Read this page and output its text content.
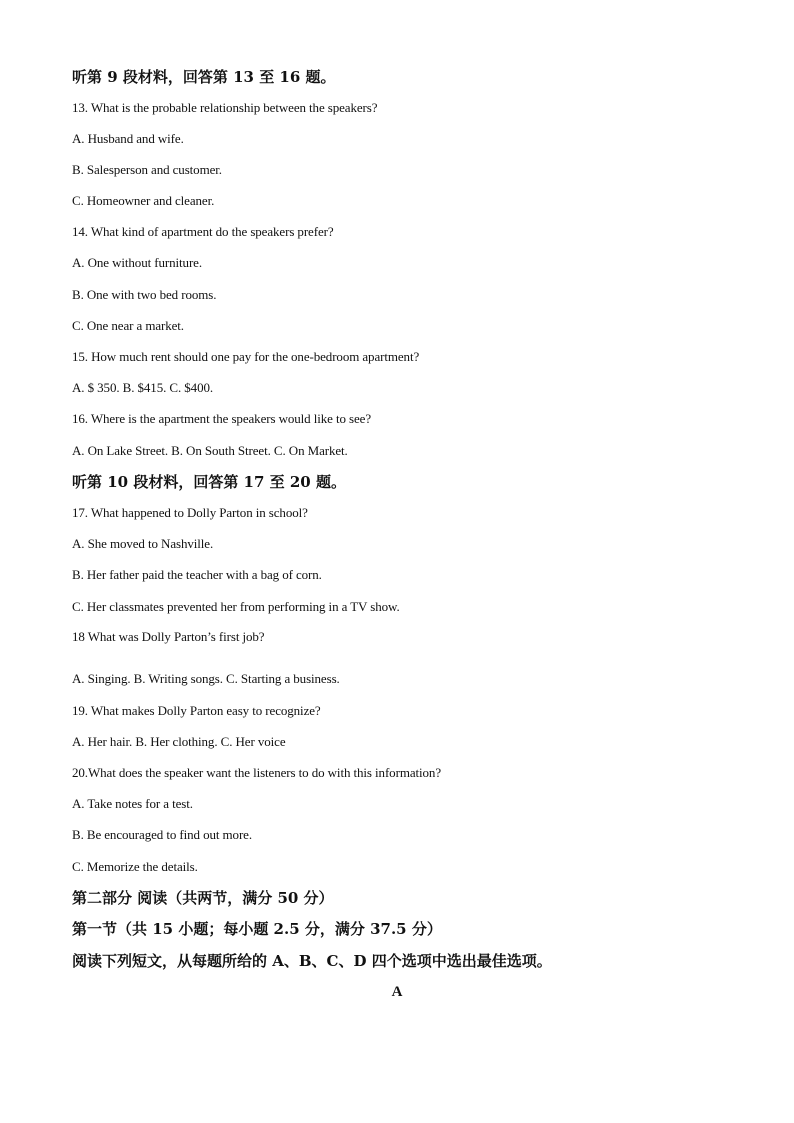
听第 9 段材料，回答第 13 至 16 题。
13. What is the probable relationship between the speakers?
A. Husband and wife.
B. Salesperson and customer.
C. Homeowner and cleaner.
14. What kind of apartment do the speakers prefer?
A. One without furniture.
B. One with two bed rooms.
C. One near a market.
15. How much rent should one pay for the one-bedroom apartment?
A. $ 350. B. $415. C. $400.
16. Where is the apartment the speakers would like to see?
A. On Lake Street. B. On South Street. C. On Market.
听第 10 段材料，回答第 17 至 20 题。
17. What happened to Dolly Parton in school?
A. She moved to Nashville.
B. Her father paid the teacher with a bag of corn.
C. Her classmates prevented her from performing in a TV show.
18 What was Dolly Parton’s first job?
A. Singing. B. Writing songs. C. Starting a business.
19. What makes Dolly Parton easy to recognize?
A. Her hair. B. Her clothing. C. Her voice
20.What does the speaker want the listeners to do with this information?
A. Take notes for a test.
B. Be encouraged to find out more.
C. Memorize the details.
第二部分 阅读（共两节，满分 50 分）
第一节（共 15 小题；每小题 2.5 分，满分 37.5 分）
阅读下列短文，从每题所给的 A、B、C、D 四个选项中选出最佳选项。
A
